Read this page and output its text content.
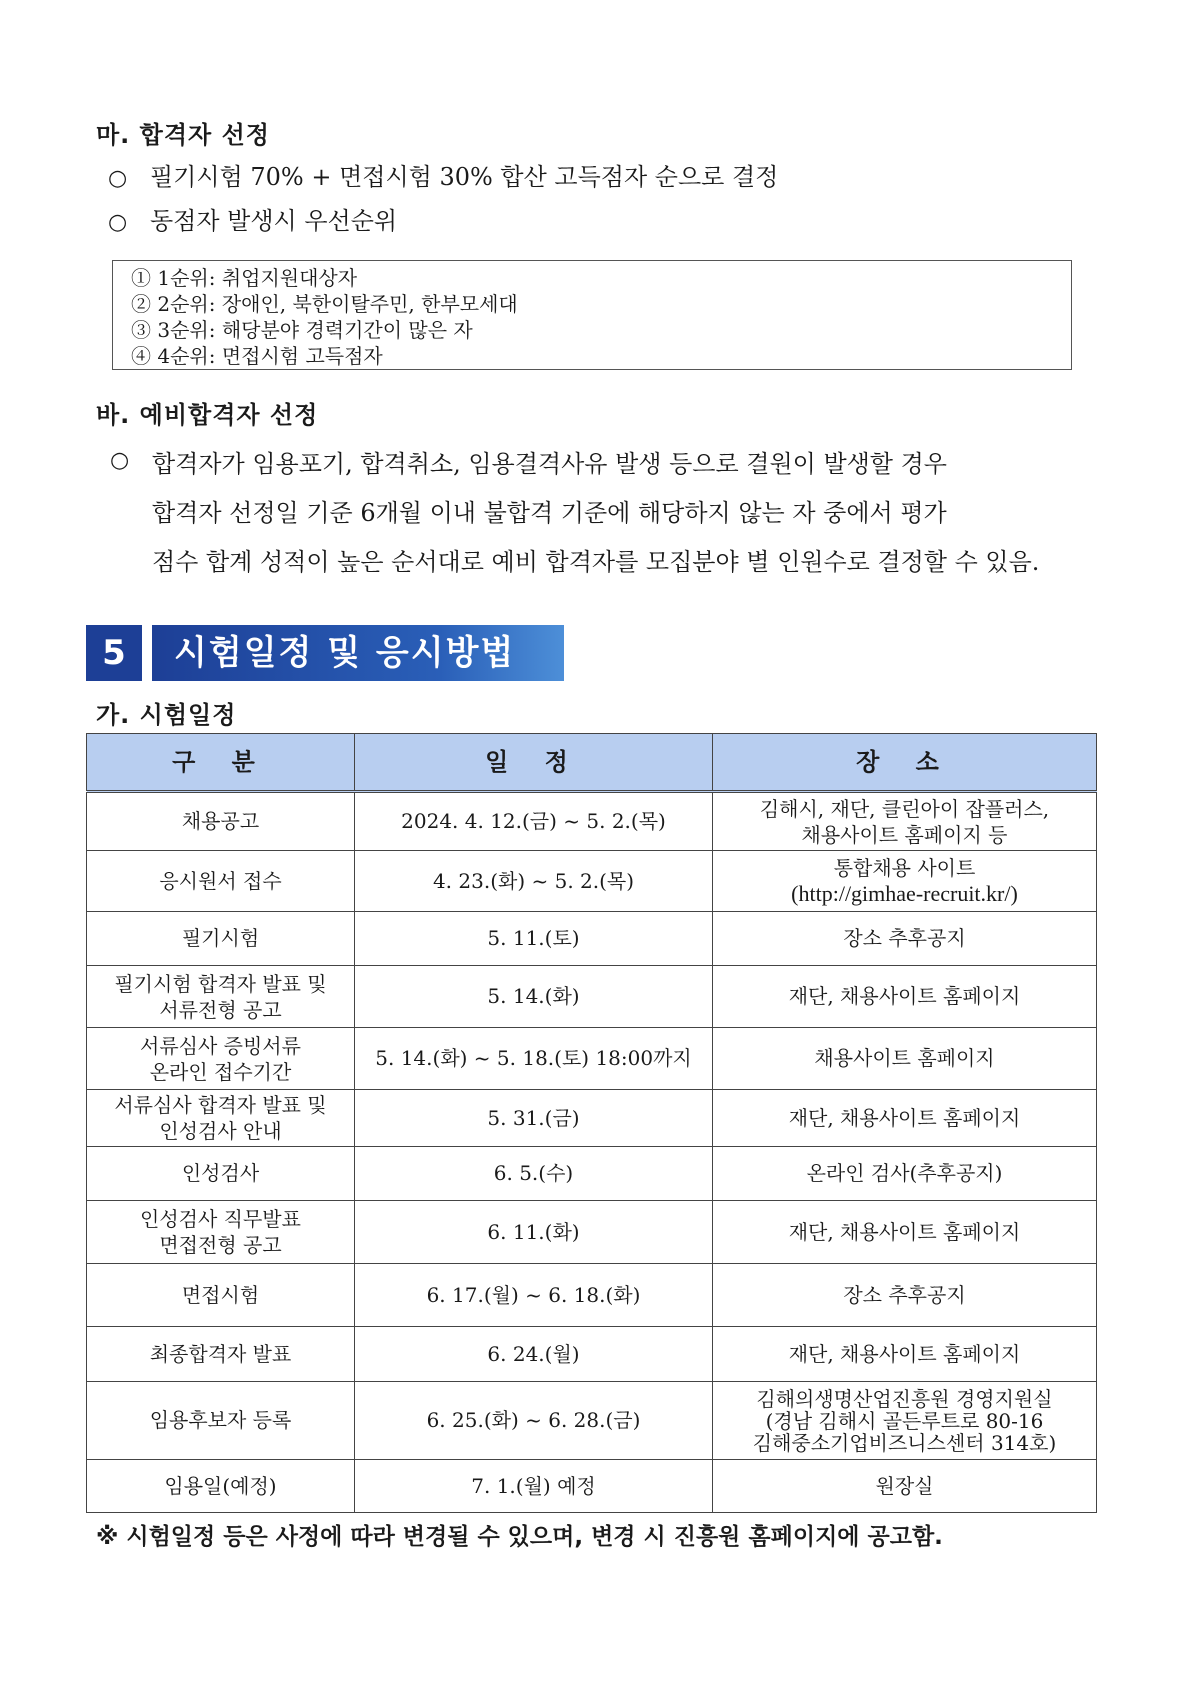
마. 합격자 선정
○ 필기시험 70% + 면접시험 30% 합산 고득점자 순으로 결정
○ 동점자 발생시 우선순위
① 1순위: 취업지원대상자
② 2순위: 장애인, 북한이탈주민, 한부모세대
③ 3순위: 해당분야 경력기간이 많은 자
④ 4순위: 면접시험 고득점자
바. 예비합격자 선정
○ 합격자가 임용포기, 합격취소, 임용결격사유 발생 등으로 결원이 발생할 경우
합격자 선정일 기준 6개월 이내 불합격 기준에 해당하지 않는 자 중에서 평가
점수 합계 성적이 높은 순서대로 예비 합격자를 모집분야 별 인원수로 결정할 수 있음.
5	시험일정 및 응시방법
가. 시험일정
구 분	일 정	장 소

채용공고	2024. 4. 12.(금) ~ 5. 2.(목)	김해시, 재단, 클린아이 잡플러스,
채용사이트 홈페이지 등

응시원서 접수	4. 23.(화) ~ 5. 2.(목)	통합채용 사이트
(http://gimhae-recruit.kr/)

필기시험	5. 11.(토)	장소 추후공지

필기시험 합격자 발표 및
서류전형 공고	5. 14.(화)	재단, 채용사이트 홈페이지

서류심사 증빙서류
온라인 접수기간	5. 14.(화) ~ 5. 18.(토) 18:00까지	채용사이트 홈페이지

서류심사 합격자 발표 및
인성검사 안내	5. 31.(금)	재단, 채용사이트 홈페이지

인성검사	6. 5.(수)	온라인 검사(추후공지)

인성검사 직무발표
면접전형 공고	6. 11.(화)	재단, 채용사이트 홈페이지

면접시험	6. 17.(월) ~ 6. 18.(화)	장소 추후공지

최종합격자 발표	6. 24.(월)	재단, 채용사이트 홈페이지

임용후보자 등록	6. 25.(화) ~ 6. 28.(금)	김해의생명산업진흥원 경영지원실
(경남 김해시 골든루트로 80-16
김해중소기업비즈니스센터 314호)

임용일(예정)	7. 1.(월) 예정	원장실
※ 시험일정 등은 사정에 따라 변경될 수 있으며, 변경 시 진흥원 홈페이지에 공고함.
